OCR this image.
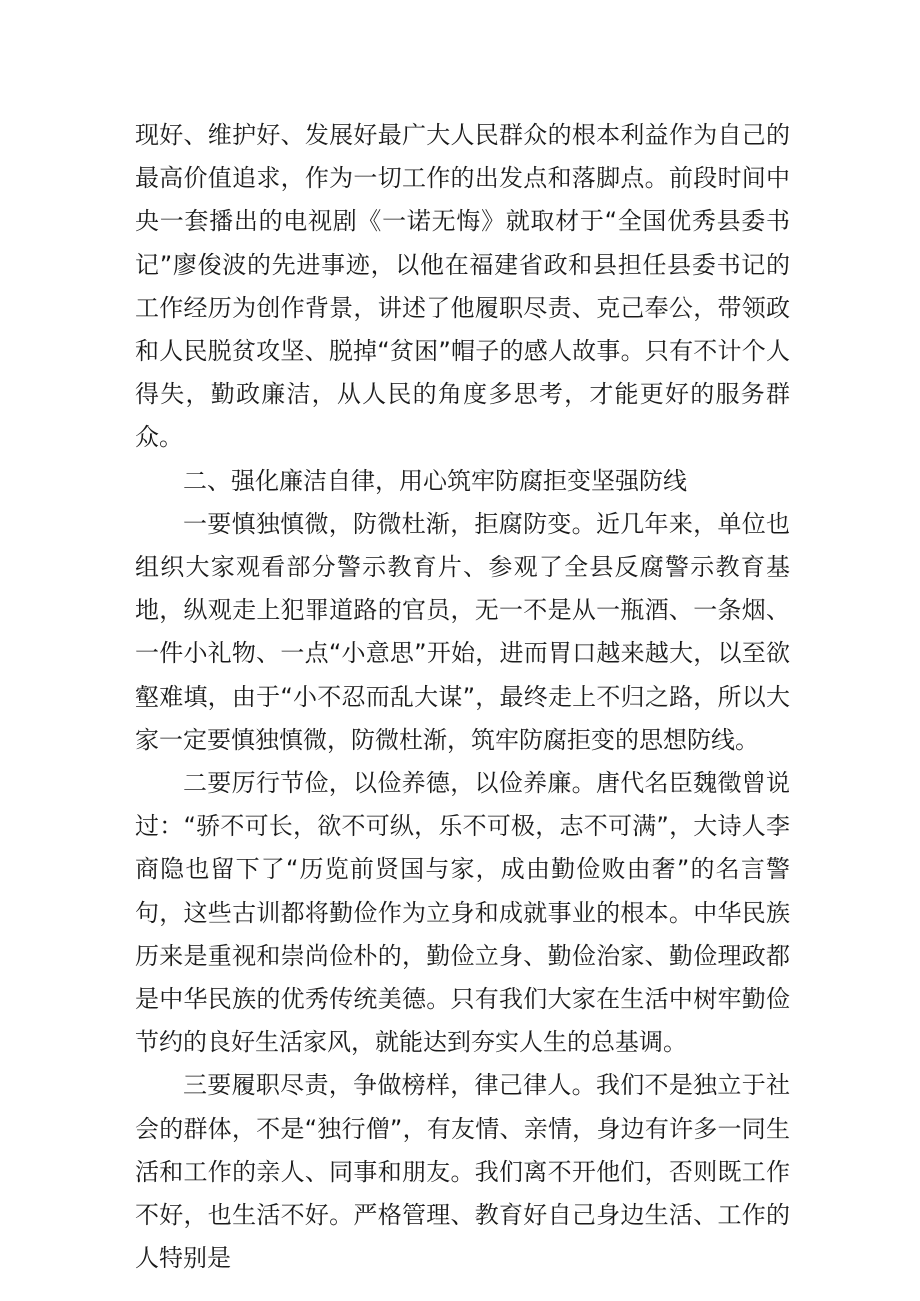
现好、维护好、发展好最广大人民群众的根本利益作为自己的最高价值追求，作为一切工作的出发点和落脚点。前段时间中央一套播出的电视剧《一诺无悔》就取材于“全国优秀县委书记”廖俊波的先进事迹，以他在福建省政和县担任县委书记的工作经历为创作背景，讲述了他履职尽责、克己奉公，带领政和人民脱贫攻坚、脱掉“贫困”帽子的感人故事。只有不计个人得失，勤政廉洁，从人民的角度多思考，才能更好的服务群众。

二、强化廉洁自律，用心筑牢防腐拒变坚强防线

一要慎独慎微，防微杜渐，拒腐防变。近几年来，单位也组织大家观看部分警示教育片、参观了全县反腐警示教育基地，纵观走上犯罪道路的官员，无一不是从一瓶酒、一条烟、一件小礼物、一点“小意思”开始，进而胃口越来越大，以至欲壑难填，由于“小不忍而乱大谋”，最终走上不归之路，所以大家一定要慎独慎微，防微杜渐，筑牢防腐拒变的思想防线。

二要厉行节俭，以俭养德，以俭养廉。唐代名臣魏徵曾说过：“骄不可长，欲不可纵，乐不可极，志不可满”，大诗人李商隐也留下了“历览前贤国与家，成由勤俭败由奢”的名言警句，这些古训都将勤俭作为立身和成就事业的根本。中华民族历来是重视和崇尚俭朴的，勤俭立身、勤俭治家、勤俭理政都是中华民族的优秀传统美德。只有我们大家在生活中树牢勤俭节约的良好生活家风，就能达到夯实人生的总基调。

三要履职尽责，争做榜样，律己律人。我们不是独立于社会的群体，不是“独行僧”，有友情、亲情，身边有许多一同生活和工作的亲人、同事和朋友。我们离不开他们，否则既工作不好，也生活不好。严格管理、教育好自己身边生活、工作的人特别是
